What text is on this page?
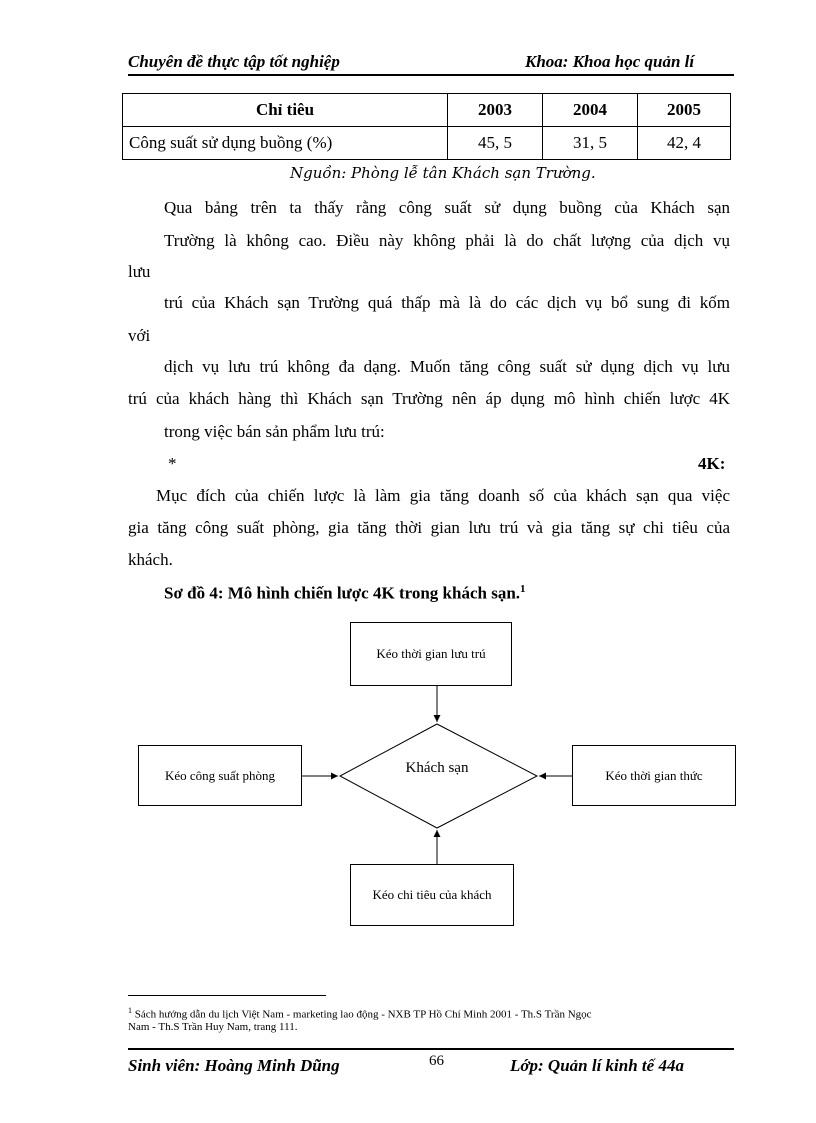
Chuyên đề thực tập tốt nghiệp	Khoa: Khoa học quản lí
Chỉ tiêu	2003	2004	2005
Công suất sử dụng buồng (%)	45, 5	31, 5	42, 4
Nguồn: Phòng lễ tân Khách sạn Trường.
Qua bảng trên ta thấy rằng công suất sử dụng buồng của Khách sạn
Trường là không cao. Điều này không phải là do chất lượng của dịch vụ
lưu
trú của Khách sạn Trường quá thấp mà là do các dịch vụ bổ sung đi kốm
với
dịch vụ lưu trú không đa dạng. Muốn tăng công suất sử dụng dịch vụ lưu
trú của khách hàng thì Khách sạn Trường nên áp dụng mô hình chiến lược 4K
trong việc bán sản phẩm lưu trú:
*	4K:
Mục đích của chiến lược là làm gia tăng doanh số của khách sạn qua việc
gia tăng công suất phòng, gia tăng thời gian lưu trú và gia tăng sự chi tiêu của
khách.
Sơ đồ 4: Mô hình chiến lược 4K trong khách sạn.$^1$
Kéo thời gian lưu trú
Kéo công suất phòng	Kéo thời gian thức
Kéo chi tiêu của khách
Khách sạn
$^1$ Sách hướng dẫn du lịch Việt Nam - marketing lao động - NXB TP Hồ Chí Minh 2001 - Th.S Trần Ngọc
Nam - Th.S Trần Huy Nam, trang 111.
Sinh viên: Hoàng Minh Dũng	66	Lớp: Quản lí kinh tế 44a
